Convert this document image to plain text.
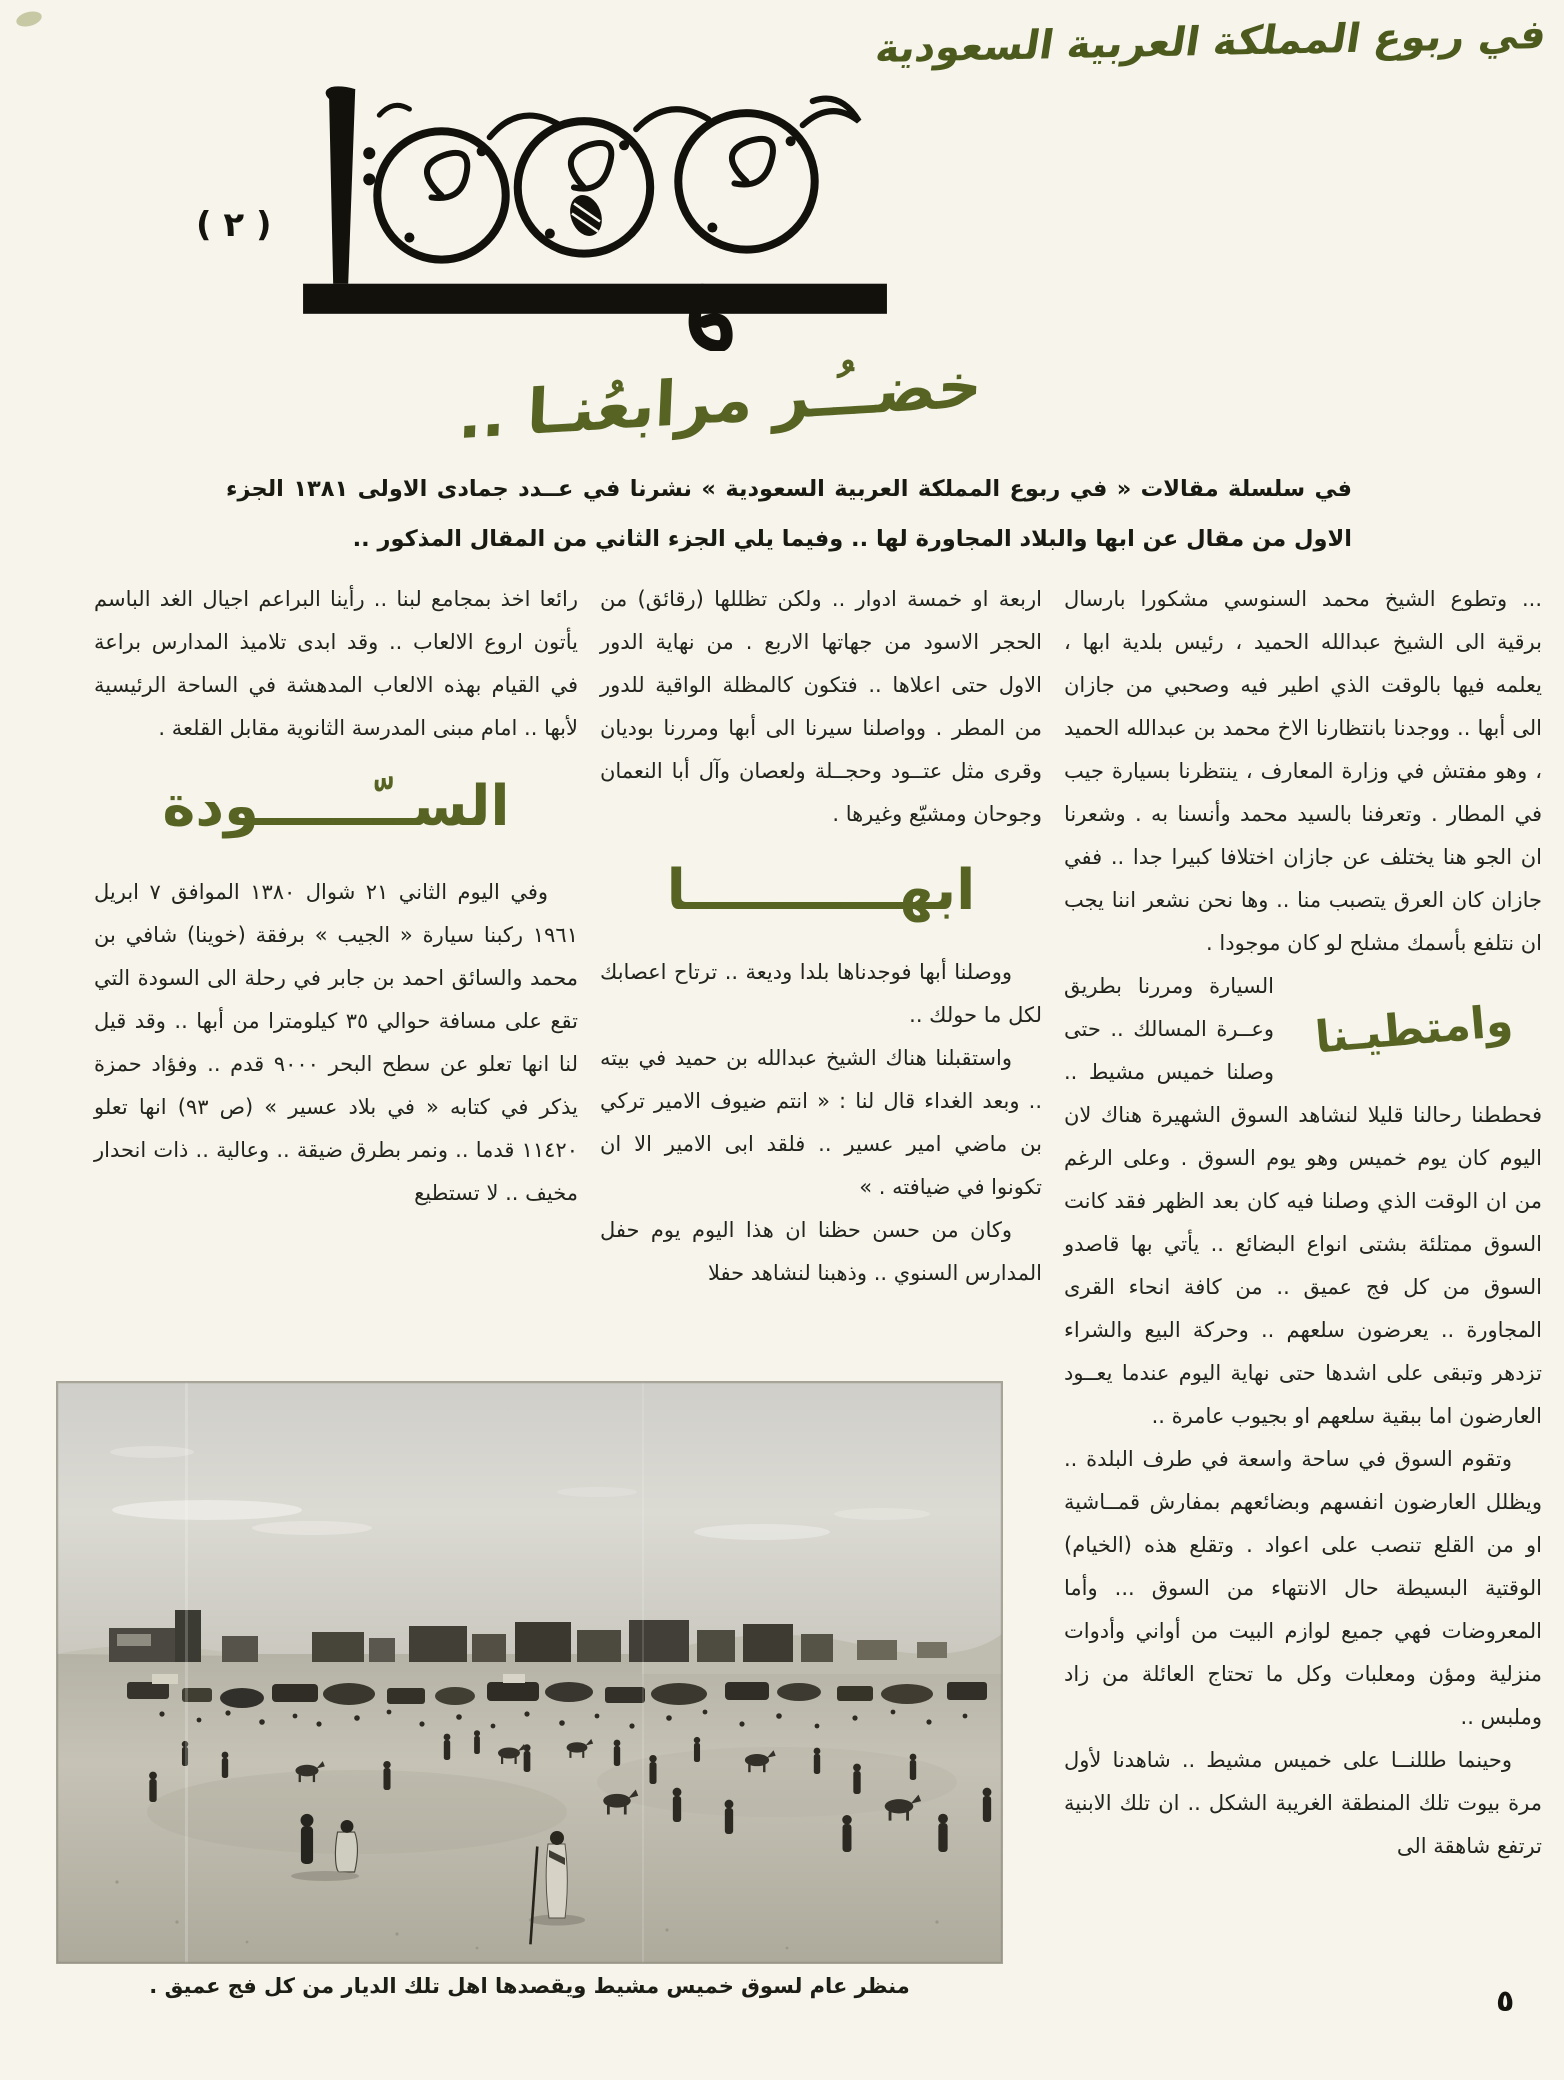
في ربوع المملكة العربية السعودية
( ٢ )
خضــُـر مرابعُنـا ..
في سلسلة مقالات « في ربوع المملكة العربية السعودية » نشرنا في عــدد جمادى الاولى ١٣٨١ الجزء الاول من مقال عن ابها والبلاد المجاورة لها .. وفيما يلي الجزء الثاني من المقال المذكور ..

... وتطوع الشيخ محمد السنوسي مشكورا بارسال برقية الى الشيخ عبدالله الحميد ، رئيس بلدية ابها ، يعلمه فيها بالوقت الذي اطير فيه وصحبي من جازان الى أبها .. ووجدنا بانتظارنا الاخ محمد بن عبدالله الحميد ، وهو مفتش في وزارة المعارف ، ينتظرنا بسيارة جيب في المطار . وتعرفنا بالسيد محمد وأنسنا به . وشعرنا ان الجو هنا يختلف عن جازان اختلافا كبيرا جدا .. ففي جازان كان العرق يتصبب منا .. وها نحن نشعر اننا يجب ان نتلفع بأسمك مشلح لو كان موجودا .

وامتطيـنا
السيارة ومررنا بطريق وعــرة المسالك .. حتى وصلنا خميس مشيط .. فحططنا رحالنا قليلا لنشاهد السوق الشهيرة هناك لان اليوم كان يوم خميس وهو يوم السوق . وعلى الرغم من ان الوقت الذي وصلنا فيه كان بعد الظهر فقد كانت السوق ممتلئة بشتى انواع البضائع .. يأتي بها قاصدو السوق من كل فج عميق .. من كافة انحاء القرى المجاورة .. يعرضون سلعهم .. وحركة البيع والشراء تزدهر وتبقى على اشدها حتى نهاية اليوم عندما يعــود العارضون اما ببقية سلعهم او بجيوب عامرة ..

وتقوم السوق في ساحة واسعة في طرف البلدة .. ويظلل العارضون انفسهم وبضائعهم بمفارش قمــاشية او من القلع تنصب على اعواد . وتقلع هذه (الخيام) الوقتية البسيطة حال الانتهاء من السوق ... وأما المعروضات فهي جميع لوازم البيت من أواني وأدوات منزلية ومؤن ومعلبات وكل ما تحتاج العائلة من زاد وملبس ..

وحينما طللنــا على خميس مشيط .. شاهدنا لأول مرة بيوت تلك المنطقة الغريبة الشكل .. ان تلك الابنية ترتفع شاهقة الى

اربعة او خمسة ادوار .. ولكن تظللها (رقائق) من الحجر الاسود من جهاتها الاربع . من نهاية الدور الاول حتى اعلاها .. فتكون كالمظلة الواقية للدور من المطر . وواصلنا سيرنا الى أبها ومررنا بوديان وقرى مثل عتــود وحجــلة ولعصان وآل أبا النعمان وجوحان ومشيّع وغيرها .

ابهـــــــــــا

ووصلنا أبها فوجدناها بلدا وديعة .. ترتاح اعصابك لكل ما حولك ..

واستقبلنا هناك الشيخ عبدالله بن حميد في بيته .. وبعد الغداء قال لنا : « انتم ضيوف الامير تركي بن ماضي امير عسير .. فلقد ابى الامير الا ان تكونوا في ضيافته . »

وكان من حسن حظنا ان هذا اليوم يوم حفل المدارس السنوي .. وذهبنا لنشاهد حفلا

رائعا اخذ بمجامع لبنا .. رأينا البراعم اجيال الغد الباسم يأتون اروع الالعاب .. وقد ابدى تلاميذ المدارس براعة في القيام بهذه الالعاب المدهشة في الساحة الرئيسية لأبها .. امام مبنى المدرسة الثانوية مقابل القلعة .

الســّــــــودة

وفي اليوم الثاني ٢١ شوال ١٣٨٠ الموافق ٧ ابريل ١٩٦١ ركبنا سيارة « الجيب » برفقة (خوينا) شافي بن محمد والسائق احمد بن جابر في رحلة الى السودة التي تقع على مسافة حوالي ٣٥ كيلومترا من أبها .. وقد قيل لنا انها تعلو عن سطح البحر ٩٠٠٠ قدم .. وفؤاد حمزة يذكر في كتابه « في بلاد عسير » (ص ٩٣) انها تعلو ١١٤٢٠ قدما .. ونمر بطرق ضيقة .. وعالية .. ذات انحدار مخيف .. لا تستطيع

منظر عام لسوق خميس مشيط ويقصدها اهل تلك الديار من كل فج عميق .	٥
